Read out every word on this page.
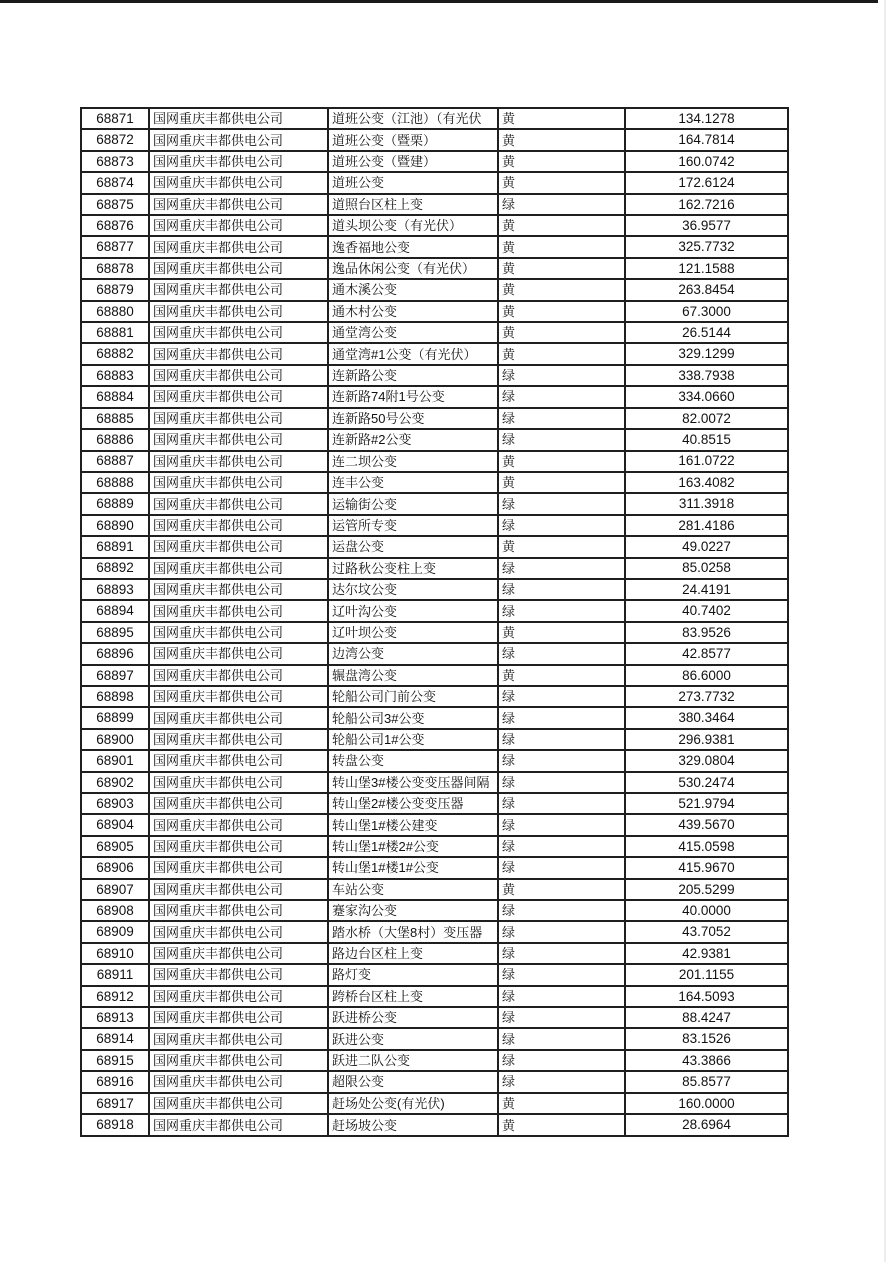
68871	国网重庆丰都供电公司	道班公变（江池）（有光伏	黄	134.1278
68872	国网重庆丰都供电公司	道班公变（暨栗）	黄	164.7814
68873	国网重庆丰都供电公司	道班公变（暨建）	黄	160.0742
68874	国网重庆丰都供电公司	道班公变	黄	172.6124
68875	国网重庆丰都供电公司	道照台区柱上变	绿	162.7216
68876	国网重庆丰都供电公司	道头坝公变（有光伏）	黄	36.9577
68877	国网重庆丰都供电公司	逸香福地公变	黄	325.7732
68878	国网重庆丰都供电公司	逸品休闲公变（有光伏）	黄	121.1588
68879	国网重庆丰都供电公司	通木溪公变	黄	263.8454
68880	国网重庆丰都供电公司	通木村公变	黄	67.3000
68881	国网重庆丰都供电公司	通堂湾公变	黄	26.5144
68882	国网重庆丰都供电公司	通堂湾#1公变（有光伏）	黄	329.1299
68883	国网重庆丰都供电公司	连新路公变	绿	338.7938
68884	国网重庆丰都供电公司	连新路74附1号公变	绿	334.0660
68885	国网重庆丰都供电公司	连新路50号公变	绿	82.0072
68886	国网重庆丰都供电公司	连新路#2公变	绿	40.8515
68887	国网重庆丰都供电公司	连二坝公变	黄	161.0722
68888	国网重庆丰都供电公司	连丰公变	黄	163.4082
68889	国网重庆丰都供电公司	运输街公变	绿	311.3918
68890	国网重庆丰都供电公司	运管所专变	绿	281.4186
68891	国网重庆丰都供电公司	运盘公变	黄	49.0227
68892	国网重庆丰都供电公司	过路秋公变柱上变	绿	85.0258
68893	国网重庆丰都供电公司	达尔坟公变	绿	24.4191
68894	国网重庆丰都供电公司	辽叶沟公变	绿	40.7402
68895	国网重庆丰都供电公司	辽叶坝公变	黄	83.9526
68896	国网重庆丰都供电公司	边湾公变	绿	42.8577
68897	国网重庆丰都供电公司	辗盘湾公变	黄	86.6000
68898	国网重庆丰都供电公司	轮船公司门前公变	绿	273.7732
68899	国网重庆丰都供电公司	轮船公司3#公变	绿	380.3464
68900	国网重庆丰都供电公司	轮船公司1#公变	绿	296.9381
68901	国网重庆丰都供电公司	转盘公变	绿	329.0804
68902	国网重庆丰都供电公司	转山堡3#楼公变变压器间隔	绿	530.2474
68903	国网重庆丰都供电公司	转山堡2#楼公变变压器	绿	521.9794
68904	国网重庆丰都供电公司	转山堡1#楼公建变	绿	439.5670
68905	国网重庆丰都供电公司	转山堡1#楼2#公变	绿	415.0598
68906	国网重庆丰都供电公司	转山堡1#楼1#公变	绿	415.9670
68907	国网重庆丰都供电公司	车站公变	黄	205.5299
68908	国网重庆丰都供电公司	蹇家沟公变	绿	40.0000
68909	国网重庆丰都供电公司	踏水桥（大堡8村）变压器	绿	43.7052
68910	国网重庆丰都供电公司	路边台区柱上变	绿	42.9381
68911	国网重庆丰都供电公司	路灯变	绿	201.1155
68912	国网重庆丰都供电公司	跨桥台区柱上变	绿	164.5093
68913	国网重庆丰都供电公司	跃进桥公变	绿	88.4247
68914	国网重庆丰都供电公司	跃进公变	绿	83.1526
68915	国网重庆丰都供电公司	跃进二队公变	绿	43.3866
68916	国网重庆丰都供电公司	超限公变	绿	85.8577
68917	国网重庆丰都供电公司	赶场处公变(有光伏)	黄	160.0000
68918	国网重庆丰都供电公司	赶场坡公变	黄	28.6964
